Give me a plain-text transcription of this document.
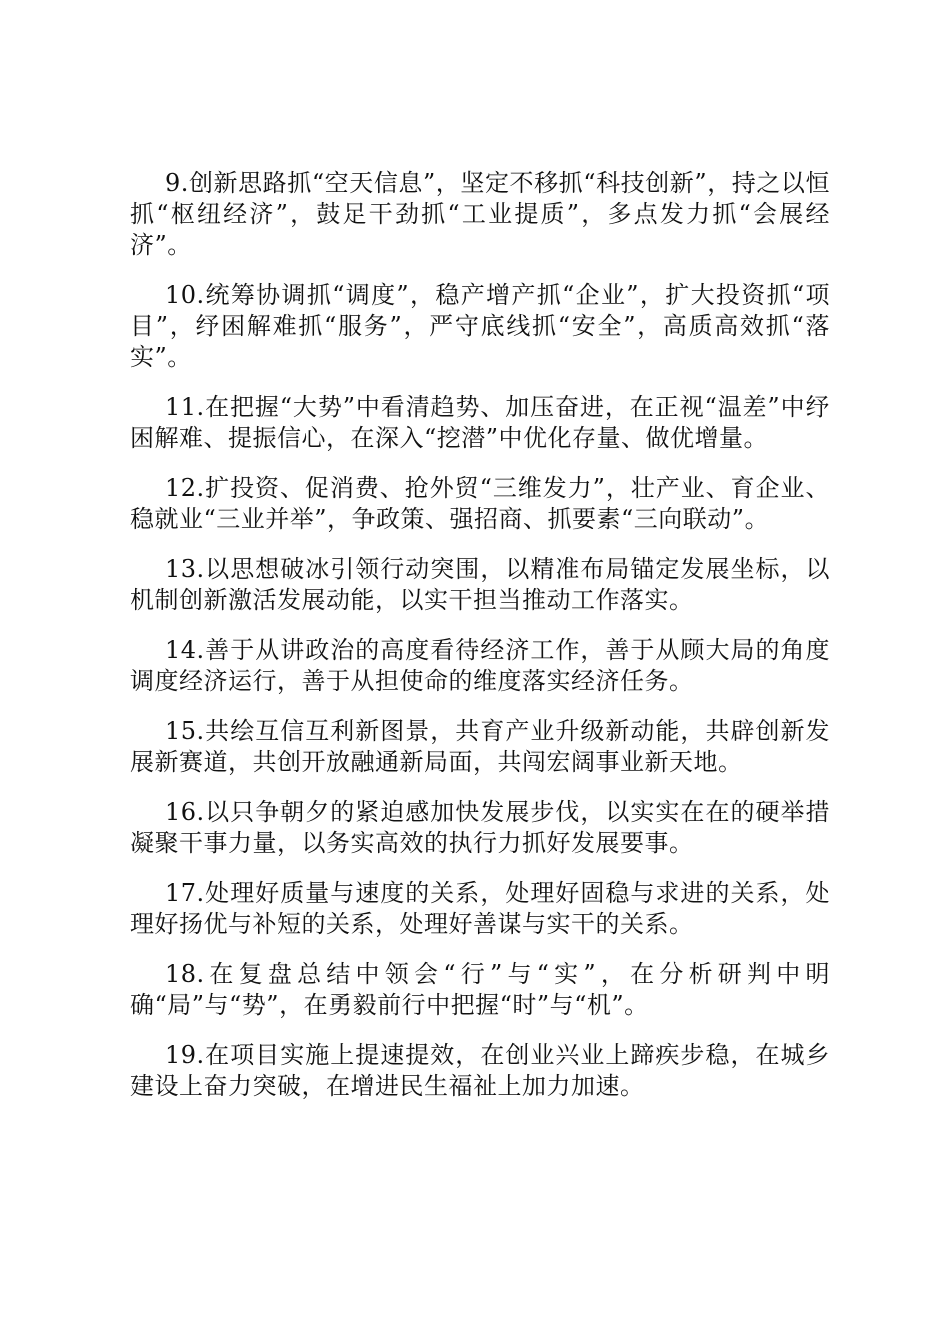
9.创新思路抓“空天信息”，坚定不移抓“科技创新”，持之以恒抓“枢纽经济”，鼓足干劲抓“工业提质”，多点发力抓“会展经济”。

10.统筹协调抓“调度”，稳产增产抓“企业”，扩大投资抓“项目”，纾困解难抓“服务”，严守底线抓“安全”，高质高效抓“落实”。

11.在把握“大势”中看清趋势、加压奋进，在正视“温差”中纾困解难、提振信心，在深入“挖潜”中优化存量、做优增量。

12.扩投资、促消费、抢外贸“三维发力”，壮产业、育企业、稳就业“三业并举”，争政策、强招商、抓要素“三向联动”。

13.以思想破冰引领行动突围，以精准布局锚定发展坐标，以机制创新激活发展动能，以实干担当推动工作落实。

14.善于从讲政治的高度看待经济工作，善于从顾大局的角度调度经济运行，善于从担使命的维度落实经济任务。

15.共绘互信互利新图景，共育产业升级新动能，共辟创新发展新赛道，共创开放融通新局面，共闯宏阔事业新天地。

16.以只争朝夕的紧迫感加快发展步伐，以实实在在的硬举措凝聚干事力量，以务实高效的执行力抓好发展要事。

17.处理好质量与速度的关系，处理好固稳与求进的关系，处理好扬优与补短的关系，处理好善谋与实干的关系。

18.在复盘总结中领会“行”与“实”，在分析研判中明确“局”与“势”，在勇毅前行中把握“时”与“机”。

19.在项目实施上提速提效，在创业兴业上蹄疾步稳，在城乡建设上奋力突破，在增进民生福祉上加力加速。
